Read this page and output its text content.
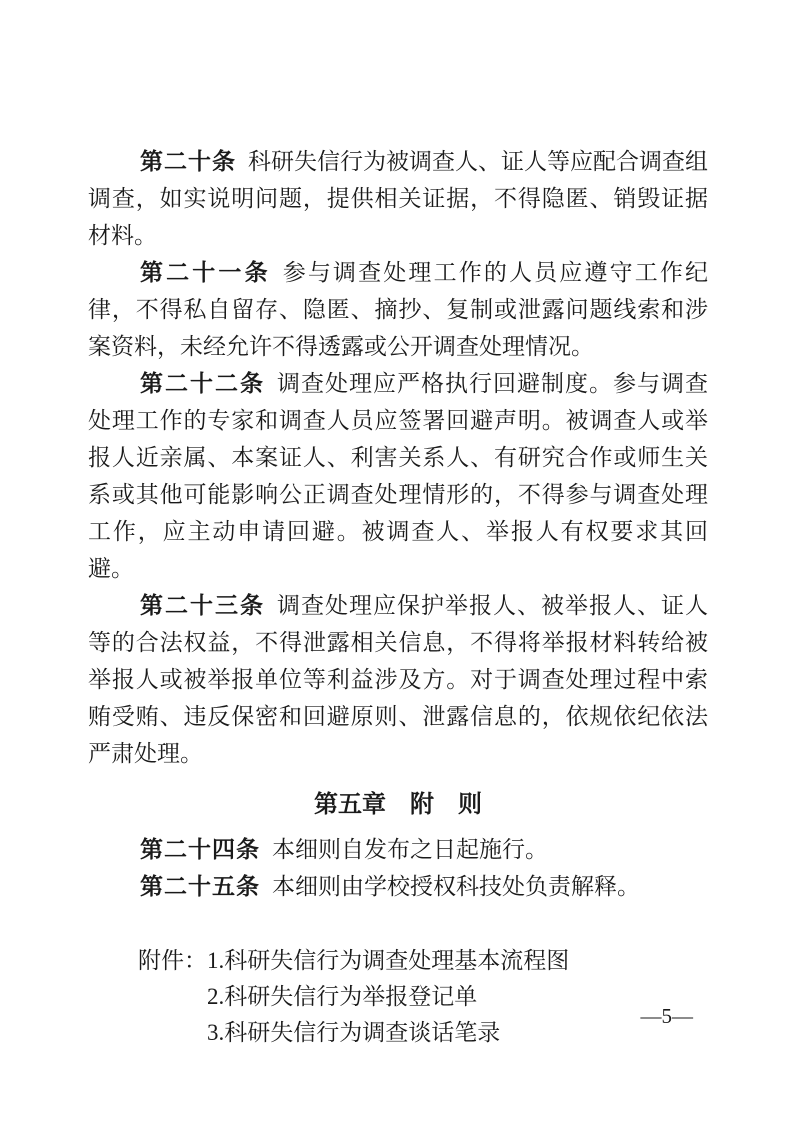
第二十条 科研失信行为被调查人、证人等应配合调查组调查，如实说明问题，提供相关证据，不得隐匿、销毁证据材料。

第二十一条 参与调查处理工作的人员应遵守工作纪律，不得私自留存、隐匿、摘抄、复制或泄露问题线索和涉案资料，未经允许不得透露或公开调查处理情况。

第二十二条 调查处理应严格执行回避制度。参与调查处理工作的专家和调查人员应签署回避声明。被调查人或举报人近亲属、本案证人、利害关系人、有研究合作或师生关系或其他可能影响公正调查处理情形的，不得参与调查处理工作，应主动申请回避。被调查人、举报人有权要求其回避。

第二十三条 调查处理应保护举报人、被举报人、证人等的合法权益，不得泄露相关信息，不得将举报材料转给被举报人或被举报单位等利益涉及方。对于调查处理过程中索贿受贿、违反保密和回避原则、泄露信息的，依规依纪依法严肃处理。

第五章　附　则

第二十四条 本细则自发布之日起施行。

第二十五条 本细则由学校授权科技处负责解释。

附件： 1.科研失信行为调查处理基本流程图

2.科研失信行为举报登记单

3.科研失信行为调查谈话笔录

—5—
